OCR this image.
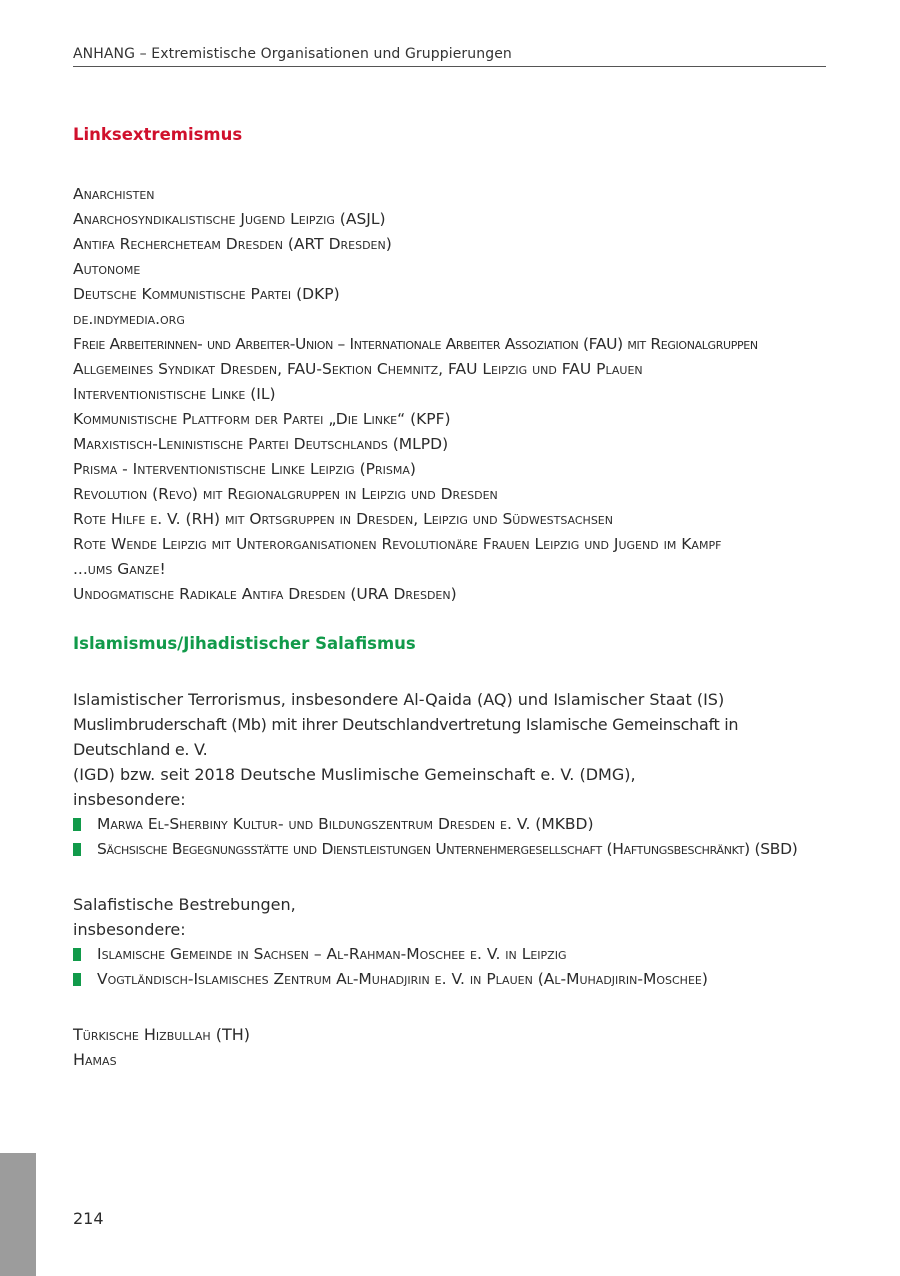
ANHANG – Extremistische Organisationen und Gruppierungen
Linksextremismus
Anarchisten
Anarchosyndikalistische Jugend Leipzig (ASJL)
Antifa Rechercheteam Dresden (ART Dresden)
Autonome
Deutsche Kommunistische Partei (DKP)
de.indymedia.org
Freie Arbeiterinnen- und Arbeiter-Union – Internationale Arbeiter Assoziation (FAU) mit Regionalgruppen
Allgemeines Syndikat Dresden, FAU-Sektion Chemnitz, FAU Leipzig und FAU Plauen
Interventionistische Linke (IL)
Kommunistische Plattform der Partei „Die Linke“ (KPF)
Marxistisch-Leninistische Partei Deutschlands (MLPD)
Prisma - Interventionistische Linke Leipzig (Prisma)
Revolution (Revo) mit Regionalgruppen in Leipzig und Dresden
Rote Hilfe e. V. (RH) mit Ortsgruppen in Dresden, Leipzig und Südwestsachsen
Rote Wende Leipzig mit Unterorganisationen Revolutionäre Frauen Leipzig und Jugend im Kampf
...ums Ganze!
Undogmatische Radikale Antifa Dresden (URA Dresden)
Islamismus/Jihadistischer Salafismus

Islamistischer Terrorismus, insbesondere Al-Qaida (AQ) und Islamischer Staat (IS)

Muslimbruderschaft (Mb) mit ihrer Deutschlandvertretung Islamische Gemeinschaft in Deutschland e. V.

(IGD) bzw. seit 2018 Deutsche Muslimische Gemeinschaft e. V. (DMG),

insbesondere:

Marwa El-Sherbiny Kultur- und Bildungszentrum Dresden e. V. (MKBD)
Sächsische Begegnungsstätte und Dienstleistungen Unternehmergesellschaft (Haftungsbeschränkt) (SBD)

Salafistische Bestrebungen,

insbesondere:

Islamische Gemeinde in Sachsen – Al-Rahman-Moschee e. V. in Leipzig
Vogtländisch-Islamisches Zentrum Al-Muhadjirin e. V. in Plauen (Al-Muhadjirin-Moschee)

Türkische Hizbullah (TH)

Hamas

214
